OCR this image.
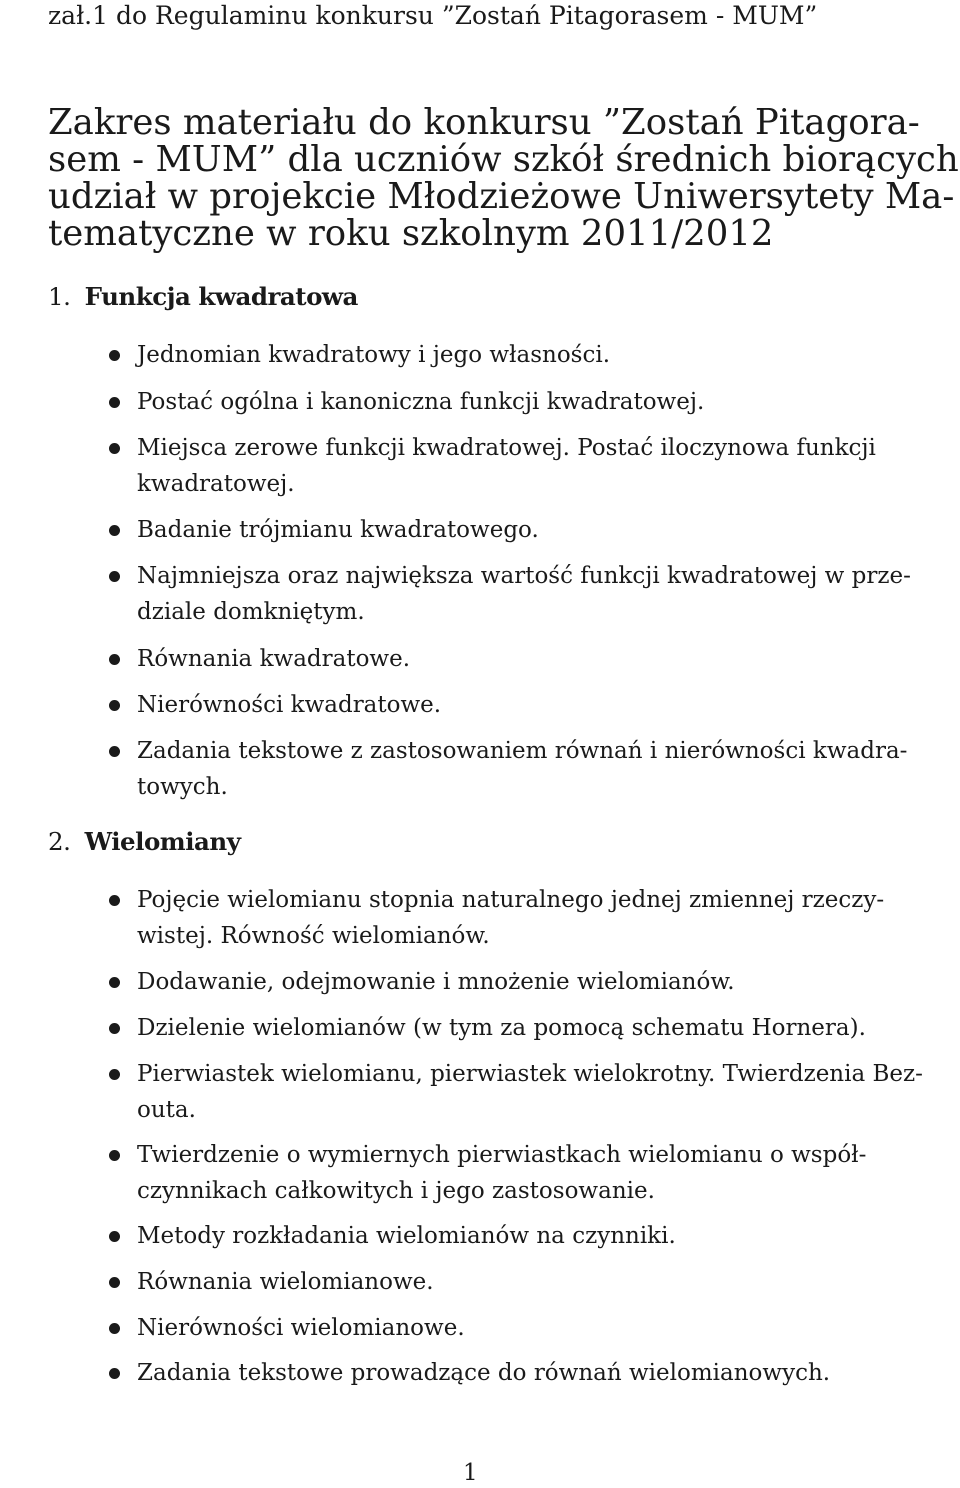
zał.1 do Regulaminu konkursu ”Zostań Pitagorasem - MUM”
Zakres materiału do konkursu ”Zostań Pitagora-
sem - MUM” dla uczniów szkół średnich biorących
udział w projekcie Młodzieżowe Uniwersytety Ma-
tematyczne w roku szkolnym 2011/2012
1. Funkcja kwadratowa
Jednomian kwadratowy i jego własności.
Postać ogólna i kanoniczna funkcji kwadratowej.
Miejsca zerowe funkcji kwadratowej. Postać iloczynowa funkcji
kwadratowej.
Badanie trójmianu kwadratowego.
Najmniejsza oraz największa wartość funkcji kwadratowej w prze-
dziale domkniętym.
Równania kwadratowe.
Nierówności kwadratowe.
Zadania tekstowe z zastosowaniem równań i nierówności kwadra-
towych.
2. Wielomiany
Pojęcie wielomianu stopnia naturalnego jednej zmiennej rzeczy-
wistej. Równość wielomianów.
Dodawanie, odejmowanie i mnożenie wielomianów.
Dzielenie wielomianów (w tym za pomocą schematu Hornera).
Pierwiastek wielomianu, pierwiastek wielokrotny. Twierdzenia Bez-
outa.
Twierdzenie o wymiernych pierwiastkach wielomianu o współ-
czynnikach całkowitych i jego zastosowanie.
Metody rozkładania wielomianów na czynniki.
Równania wielomianowe.
Nierówności wielomianowe.
Zadania tekstowe prowadzące do równań wielomianowych.
1
